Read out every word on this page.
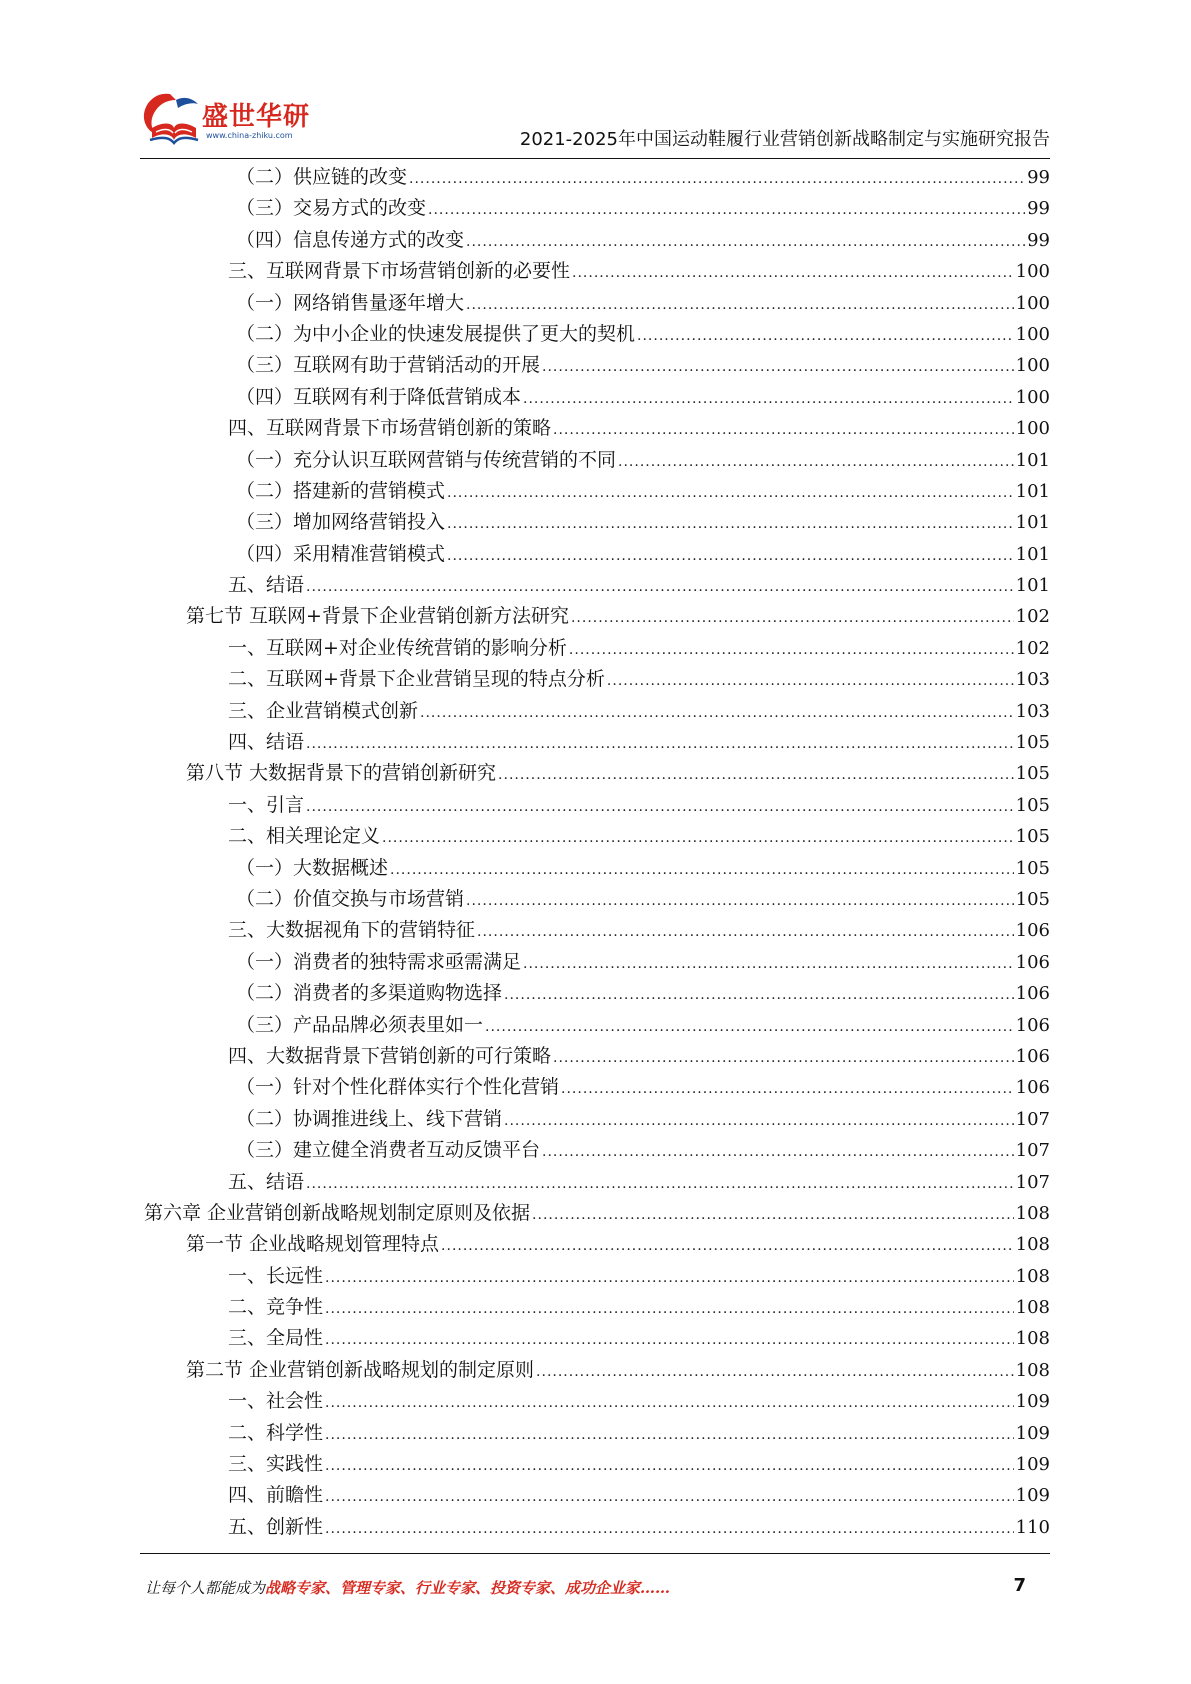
盛世华研
www.china-zhiku.com	2021-2025年中国运动鞋履行业营销创新战略制定与实施研究报告
（二）供应链的改变 .....	99
（三）交易方式的改变 .....	99
（四）信息传递方式的改变 .....	99
三、互联网背景下市场营销创新的必要性 .....	100
（一）网络销售量逐年增大 .....	100
（二）为中小企业的快速发展提供了更大的契机 .....	100
（三）互联网有助于营销活动的开展 .....	100
（四）互联网有利于降低营销成本 .....	100
四、互联网背景下市场营销创新的策略 .....	100
（一）充分认识互联网营销与传统营销的不同 .....	101
（二）搭建新的营销模式 .....	101
（三）增加网络营销投入 .....	101
（四）采用精准营销模式 .....	101
五、结语 .....	101
第七节 互联网+背景下企业营销创新方法研究 .....	102
一、互联网+对企业传统营销的影响分析 .....	102
二、互联网+背景下企业营销呈现的特点分析 .....	103
三、企业营销模式创新 .....	103
四、结语 .....	105
第八节 大数据背景下的营销创新研究 .....	105
一、引言 .....	105
二、相关理论定义 .....	105
（一）大数据概述 .....	105
（二）价值交换与市场营销 .....	105
三、大数据视角下的营销特征 .....	106
（一）消费者的独特需求亟需满足 .....	106
（二）消费者的多渠道购物选择 .....	106
（三）产品品牌必须表里如一 .....	106
四、大数据背景下营销创新的可行策略 .....	106
（一）针对个性化群体实行个性化营销 .....	106
（二）协调推进线上、线下营销 .....	107
（三）建立健全消费者互动反馈平台 .....	107
五、结语 .....	107
第六章 企业营销创新战略规划制定原则及依据 .....	108
第一节 企业战略规划管理特点 .....	108
一、长远性 .....	108
二、竞争性 .....	108
三、全局性 .....	108
第二节 企业营销创新战略规划的制定原则 .....	108
一、社会性 .....	109
二、科学性 .....	109
三、实践性 .....	109
四、前瞻性 .....	109
五、创新性 .....	110
让每个人都能成为战略专家、管理专家、行业专家、投资专家、成功企业家……	7
